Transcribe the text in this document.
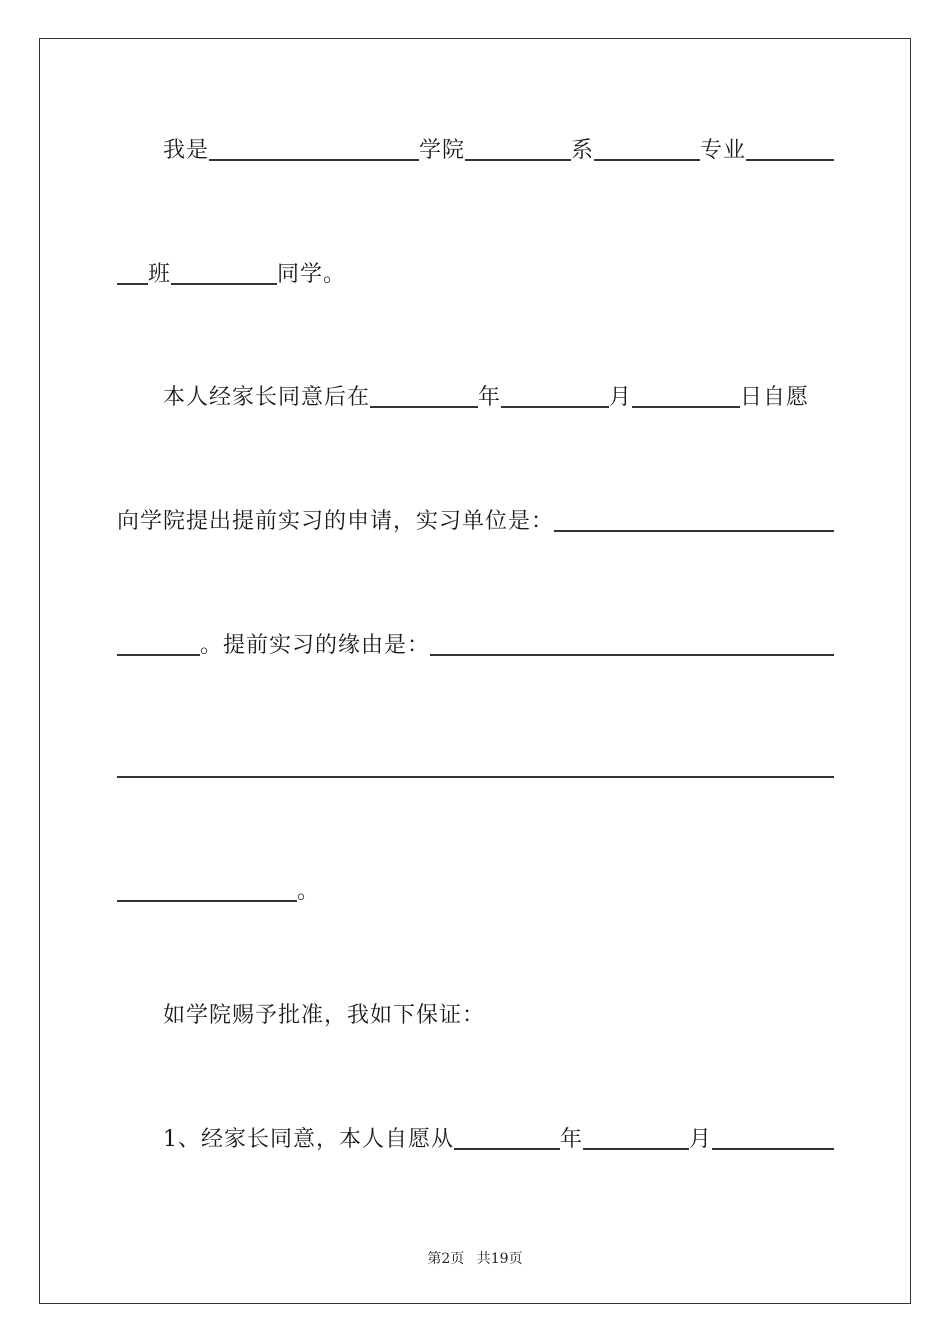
我是	学院	系	专业
班	同学。
本人经家长同意后在	年	月	日自愿
向学院提出提前实习的申请，实习单位是：
。提前实习的缘由是：
。
如学院赐予批准，我如下保证：
1、经家长同意，本人自愿从	年	月
第2页 共19页
